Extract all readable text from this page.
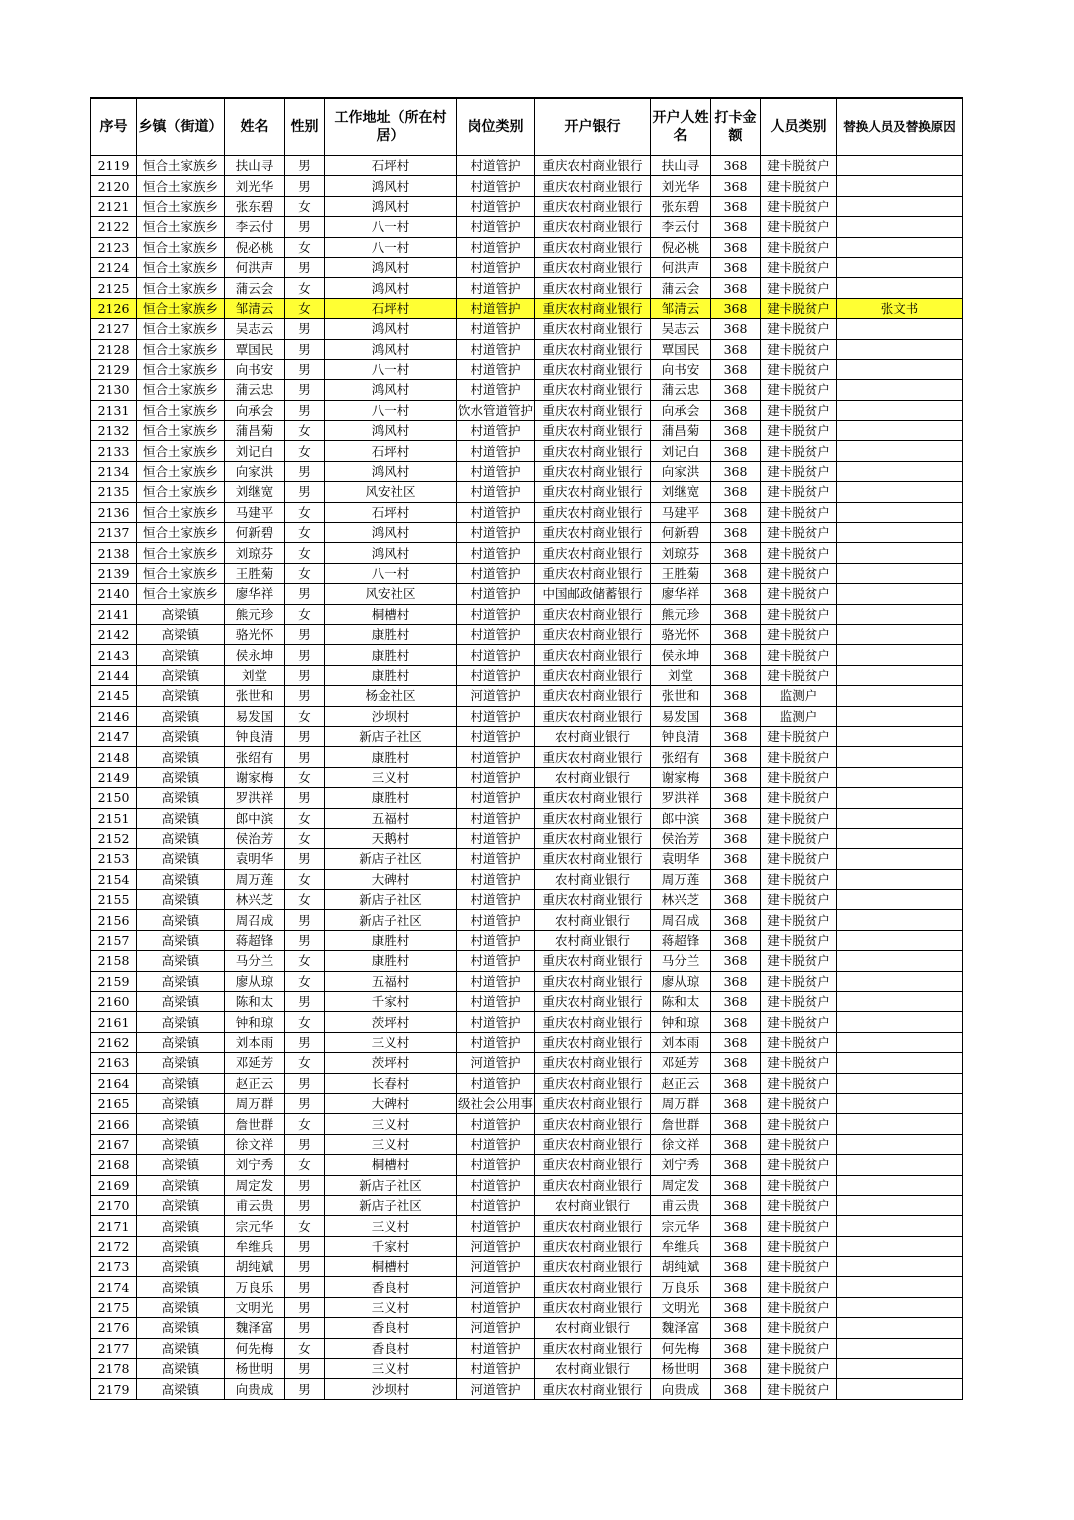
序号	乡镇（街道）	姓名	性别	工作地址（所在村居）	岗位类别	开户银行	开户人姓名	打卡金额	人员类别	替换人员及替换原因
2119	恒合土家族乡	扶山寻	男	石坪村	村道管护	重庆农村商业银行	扶山寻	368	建卡脱贫户	
2120	恒合土家族乡	刘光华	男	鸿风村	村道管护	重庆农村商业银行	刘光华	368	建卡脱贫户	
2121	恒合土家族乡	张东碧	女	鸿风村	村道管护	重庆农村商业银行	张东碧	368	建卡脱贫户	
2122	恒合土家族乡	李云付	男	八一村	村道管护	重庆农村商业银行	李云付	368	建卡脱贫户	
2123	恒合土家族乡	倪必桃	女	八一村	村道管护	重庆农村商业银行	倪必桃	368	建卡脱贫户	
2124	恒合土家族乡	何洪声	男	鸿风村	村道管护	重庆农村商业银行	何洪声	368	建卡脱贫户	
2125	恒合土家族乡	蒲云会	女	鸿风村	村道管护	重庆农村商业银行	蒲云会	368	建卡脱贫户	
2126	恒合土家族乡	邹清云	女	石坪村	村道管护	重庆农村商业银行	邹清云	368	建卡脱贫户	张文书
2127	恒合土家族乡	吴志云	男	鸿风村	村道管护	重庆农村商业银行	吴志云	368	建卡脱贫户	
2128	恒合土家族乡	覃国民	男	鸿风村	村道管护	重庆农村商业银行	覃国民	368	建卡脱贫户	
2129	恒合土家族乡	向书安	男	八一村	村道管护	重庆农村商业银行	向书安	368	建卡脱贫户	
2130	恒合土家族乡	蒲云忠	男	鸿风村	村道管护	重庆农村商业银行	蒲云忠	368	建卡脱贫户	
2131	恒合土家族乡	向承会	男	八一村	饮水管道管护	重庆农村商业银行	向承会	368	建卡脱贫户	
2132	恒合土家族乡	蒲昌菊	女	鸿风村	村道管护	重庆农村商业银行	蒲昌菊	368	建卡脱贫户	
2133	恒合土家族乡	刘记白	女	石坪村	村道管护	重庆农村商业银行	刘记白	368	建卡脱贫户	
2134	恒合土家族乡	向家洪	男	鸿风村	村道管护	重庆农村商业银行	向家洪	368	建卡脱贫户	
2135	恒合土家族乡	刘继宽	男	风安社区	村道管护	重庆农村商业银行	刘继宽	368	建卡脱贫户	
2136	恒合土家族乡	马建平	女	石坪村	村道管护	重庆农村商业银行	马建平	368	建卡脱贫户	
2137	恒合土家族乡	何新碧	女	鸿风村	村道管护	重庆农村商业银行	何新碧	368	建卡脱贫户	
2138	恒合土家族乡	刘琼芬	女	鸿风村	村道管护	重庆农村商业银行	刘琼芬	368	建卡脱贫户	
2139	恒合土家族乡	王胜菊	女	八一村	村道管护	重庆农村商业银行	王胜菊	368	建卡脱贫户	
2140	恒合土家族乡	廖华祥	男	风安社区	村道管护	中国邮政储蓄银行	廖华祥	368	建卡脱贫户	
2141	高梁镇	熊元珍	女	桐槽村	村道管护	重庆农村商业银行	熊元珍	368	建卡脱贫户	
2142	高梁镇	骆光怀	男	康胜村	村道管护	重庆农村商业银行	骆光怀	368	建卡脱贫户	
2143	高梁镇	侯永坤	男	康胜村	村道管护	重庆农村商业银行	侯永坤	368	建卡脱贫户	
2144	高梁镇	刘堂	男	康胜村	村道管护	重庆农村商业银行	刘堂	368	建卡脱贫户	
2145	高梁镇	张世和	男	杨金社区	河道管护	重庆农村商业银行	张世和	368	监测户	
2146	高梁镇	易发国	女	沙坝村	村道管护	重庆农村商业银行	易发国	368	监测户	
2147	高梁镇	钟良清	男	新店子社区	村道管护	农村商业银行	钟良清	368	建卡脱贫户	
2148	高梁镇	张绍有	男	康胜村	村道管护	重庆农村商业银行	张绍有	368	建卡脱贫户	
2149	高梁镇	谢家梅	女	三义村	村道管护	农村商业银行	谢家梅	368	建卡脱贫户	
2150	高梁镇	罗洪祥	男	康胜村	村道管护	重庆农村商业银行	罗洪祥	368	建卡脱贫户	
2151	高梁镇	郎中滨	女	五福村	村道管护	重庆农村商业银行	郎中滨	368	建卡脱贫户	
2152	高梁镇	侯治芳	女	天鹅村	村道管护	重庆农村商业银行	侯治芳	368	建卡脱贫户	
2153	高梁镇	袁明华	男	新店子社区	村道管护	重庆农村商业银行	袁明华	368	建卡脱贫户	
2154	高梁镇	周万莲	女	大碑村	村道管护	农村商业银行	周万莲	368	建卡脱贫户	
2155	高梁镇	林兴芝	女	新店子社区	村道管护	重庆农村商业银行	林兴芝	368	建卡脱贫户	
2156	高梁镇	周召成	男	新店子社区	村道管护	农村商业银行	周召成	368	建卡脱贫户	
2157	高梁镇	蒋超锋	男	康胜村	村道管护	农村商业银行	蒋超锋	368	建卡脱贫户	
2158	高梁镇	马分兰	女	康胜村	村道管护	重庆农村商业银行	马分兰	368	建卡脱贫户	
2159	高梁镇	廖从琼	女	五福村	村道管护	重庆农村商业银行	廖从琼	368	建卡脱贫户	
2160	高梁镇	陈和太	男	千家村	村道管护	重庆农村商业银行	陈和太	368	建卡脱贫户	
2161	高梁镇	钟和琼	女	茨坪村	村道管护	重庆农村商业银行	钟和琼	368	建卡脱贫户	
2162	高梁镇	刘本雨	男	三义村	村道管护	重庆农村商业银行	刘本雨	368	建卡脱贫户	
2163	高梁镇	邓延芳	女	茨坪村	河道管护	重庆农村商业银行	邓延芳	368	建卡脱贫户	
2164	高梁镇	赵正云	男	长春村	村道管护	重庆农村商业银行	赵正云	368	建卡脱贫户	
2165	高梁镇	周万群	男	大碑村	级社会公用事	重庆农村商业银行	周万群	368	建卡脱贫户	
2166	高梁镇	詹世群	女	三义村	村道管护	重庆农村商业银行	詹世群	368	建卡脱贫户	
2167	高梁镇	徐文祥	男	三义村	村道管护	重庆农村商业银行	徐文祥	368	建卡脱贫户	
2168	高梁镇	刘宁秀	女	桐槽村	村道管护	重庆农村商业银行	刘宁秀	368	建卡脱贫户	
2169	高梁镇	周定发	男	新店子社区	村道管护	重庆农村商业银行	周定发	368	建卡脱贫户	
2170	高梁镇	甫云贵	男	新店子社区	村道管护	农村商业银行	甫云贵	368	建卡脱贫户	
2171	高梁镇	宗元华	女	三义村	村道管护	重庆农村商业银行	宗元华	368	建卡脱贫户	
2172	高梁镇	牟维兵	男	千家村	河道管护	重庆农村商业银行	牟维兵	368	建卡脱贫户	
2173	高梁镇	胡纯斌	男	桐槽村	河道管护	重庆农村商业银行	胡纯斌	368	建卡脱贫户	
2174	高梁镇	万良乐	男	香良村	河道管护	重庆农村商业银行	万良乐	368	建卡脱贫户	
2175	高梁镇	文明光	男	三义村	村道管护	重庆农村商业银行	文明光	368	建卡脱贫户	
2176	高梁镇	魏泽富	男	香良村	河道管护	农村商业银行	魏泽富	368	建卡脱贫户	
2177	高梁镇	何先梅	女	香良村	村道管护	重庆农村商业银行	何先梅	368	建卡脱贫户	
2178	高梁镇	杨世明	男	三义村	村道管护	农村商业银行	杨世明	368	建卡脱贫户	
2179	高梁镇	向贵成	男	沙坝村	河道管护	重庆农村商业银行	向贵成	368	建卡脱贫户	
